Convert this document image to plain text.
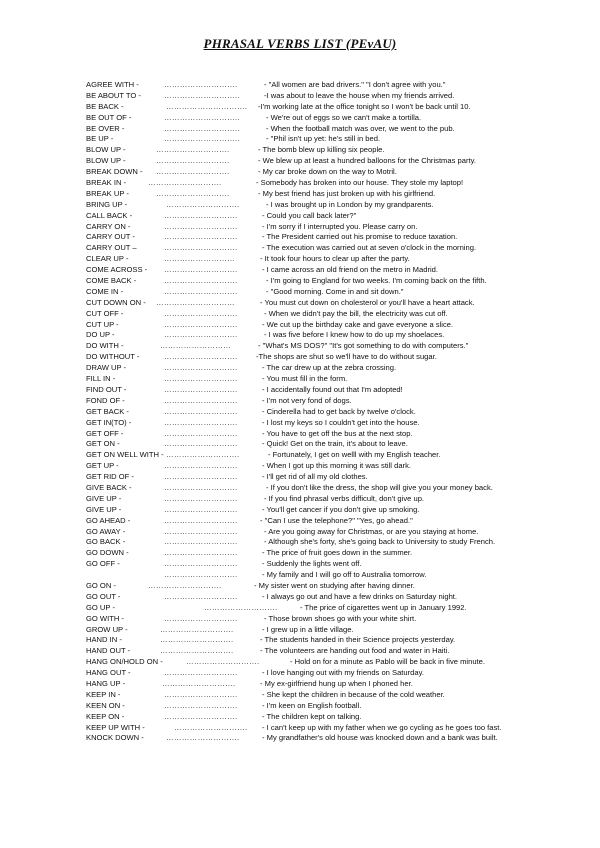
PHRASAL VERBS LIST (PEvAU)
AGREE WITH -	……………………….	- "All women are bad drivers." "I don't agree with you."
BE ABOUT TO -	………………………..	-I was about to leave the house when my friends arrived.
BE BACK -	…………………………. -I'm working late at the office tonight so I won't be back until 10.
BE OUT OF -	………………………..	- We're out of eggs so we can't make a tortilla.
BE OVER -	………………………..	- When the football match was over, we went to the pub.
BE UP -	………………………..	- "Phil isn't up yet: he's still in bed.
BLOW UP -	……………………….	- The bomb blew up killing six people.
BLOW UP -	……………………….	- We blew up at least a hundred balloons for the Christmas party.
BREAK DOWN - ……………………….	- My car broke down on the way to Motril.
BREAK IN -	……………………….	- Somebody has broken into our house. They stole my laptop!
BREAK UP -	……………………….	- My best friend has just broken up with his girlfriend.
BRING UP -	……………………….	- I was brought up in London by my grandparents.
CALL BACK -	……………………….	- Could you call back later?"
CARRY ON -	……………………….	- I'm sorry if I interrupted you. Please carry on.
CARRY OUT -	……………………….	- The President carried out his promise to reduce taxation.
CARRY OUT –	……………………….	- The execution was carried out at seven o'clock in the morning.
CLEAR UP -	………………………	- It took four hours to clear up after the party.
COME ACROSS - ……………………….	- I came across an old friend on the metro in Madrid.
COME BACK -	……………………….	- I'm going to England for two weeks. I'm coming back on the fifth.
COME IN -	……………………….	- "Good morning. Come in and sit down."
CUT DOWN ON - …………………………	- You must cut down on cholesterol or you'll have a heart attack.
CUT OFF -	……………………….	- When we didn't pay the bill, the electricity was cut off.
CUT UP -	……………………….	- We cut up the birthday cake and gave everyone a slice.
DO UP -	……………………….	- I was five before I knew how to do up my shoelaces.
DO WITH -	………………………	- "What's MS DOS?" "It's got something to do with computers."
DO WITHOUT -	………………………. -The shops are shut so we'll have to do without sugar.
DRAW UP -	……………………….	- The car drew up at the zebra crossing.
FILL IN -	……………………….	- You must fill in the form.
FIND OUT -	……………………….	- I accidentally found out that I'm adopted!
FOND OF -	……………………….	- I'm not very fond of dogs.
GET BACK -	……………………….	- Cinderella had to get back by twelve o'clock.
GET IN(TO) -	……………………….	- I lost my keys so I couldn't get into the house.
GET OFF -	……………………….	- You have to get off the bus at the next stop.
GET ON -	……………………….	- Quick! Get on the train, it's about to leave.
GET ON WELL WITH - ……………………….	- Fortunately, I get on welll with my English teacher.
GET UP -	……………………….	- When I got up this morning it was still dark.
GET RID OF -	……………………….	- I'll get rid of all my old clothes.
GIVE BACK -	……………………….	- If you don't like the dress, the shop will give you your money back.
GIVE UP -	……………………….	- If you find phrasal verbs difficult, don't give up.
GIVE UP -	……………………….	- You'll get cancer if you don't give up smoking.
GO AHEAD -	……………………….	- "Can I use the telephone?" "Yes, go ahead."
GO AWAY -	……………………….	- Are you going away for Christmas, or are you staying at home.
GO BACK -	……………………….	- Although she's forty, she's going back to University to study French.
GO DOWN -	……………………….	- The price of fruit goes down in the summer.
GO OFF -	……………………….	- Suddenly the lights went off.
……………………….	- My family and I will go off to Australia tomorrow.
GO ON -	……………………….	- My sister went on studying after having dinner.
GO OUT -	……………………….	- I always go out and have a few drinks on Saturday night.
GO UP -	……………………….	- The price of cigarettes went up in January 1992.
GO WITH -	……………………….	- Those brown shoes go with your white shirt.
GROW UP -	……………………….	- I grew up in a little village.
HAND IN -	……………………….	- The students handed in their Science projects yesterday.
HAND OUT -	……………………….	- The volunteers are handing out food and water in Haiti.
HANG ON/HOLD ON -	……………………….	- Hold on for a minute as Pablo will be back in five minute.
HANG OUT -	……………………….	- I love hanging out with my friends on Saturday.
HANG UP -	……………………….	- My ex-girlfriend hung up when I phoned her.
KEEP IN -	……………………….	- She kept the children in because of the cold weather.
KEEN ON -	……………………….	- I'm keen on English football.
KEEP ON -	……………………….	- The children kept on talking.
KEEP UP WITH -	………………………. - I can't keep up with my father when we go cycling as he goes too fast.
KNOCK DOWN -	……………………….	- My grandfather's old house was knocked down and a bank was built.
